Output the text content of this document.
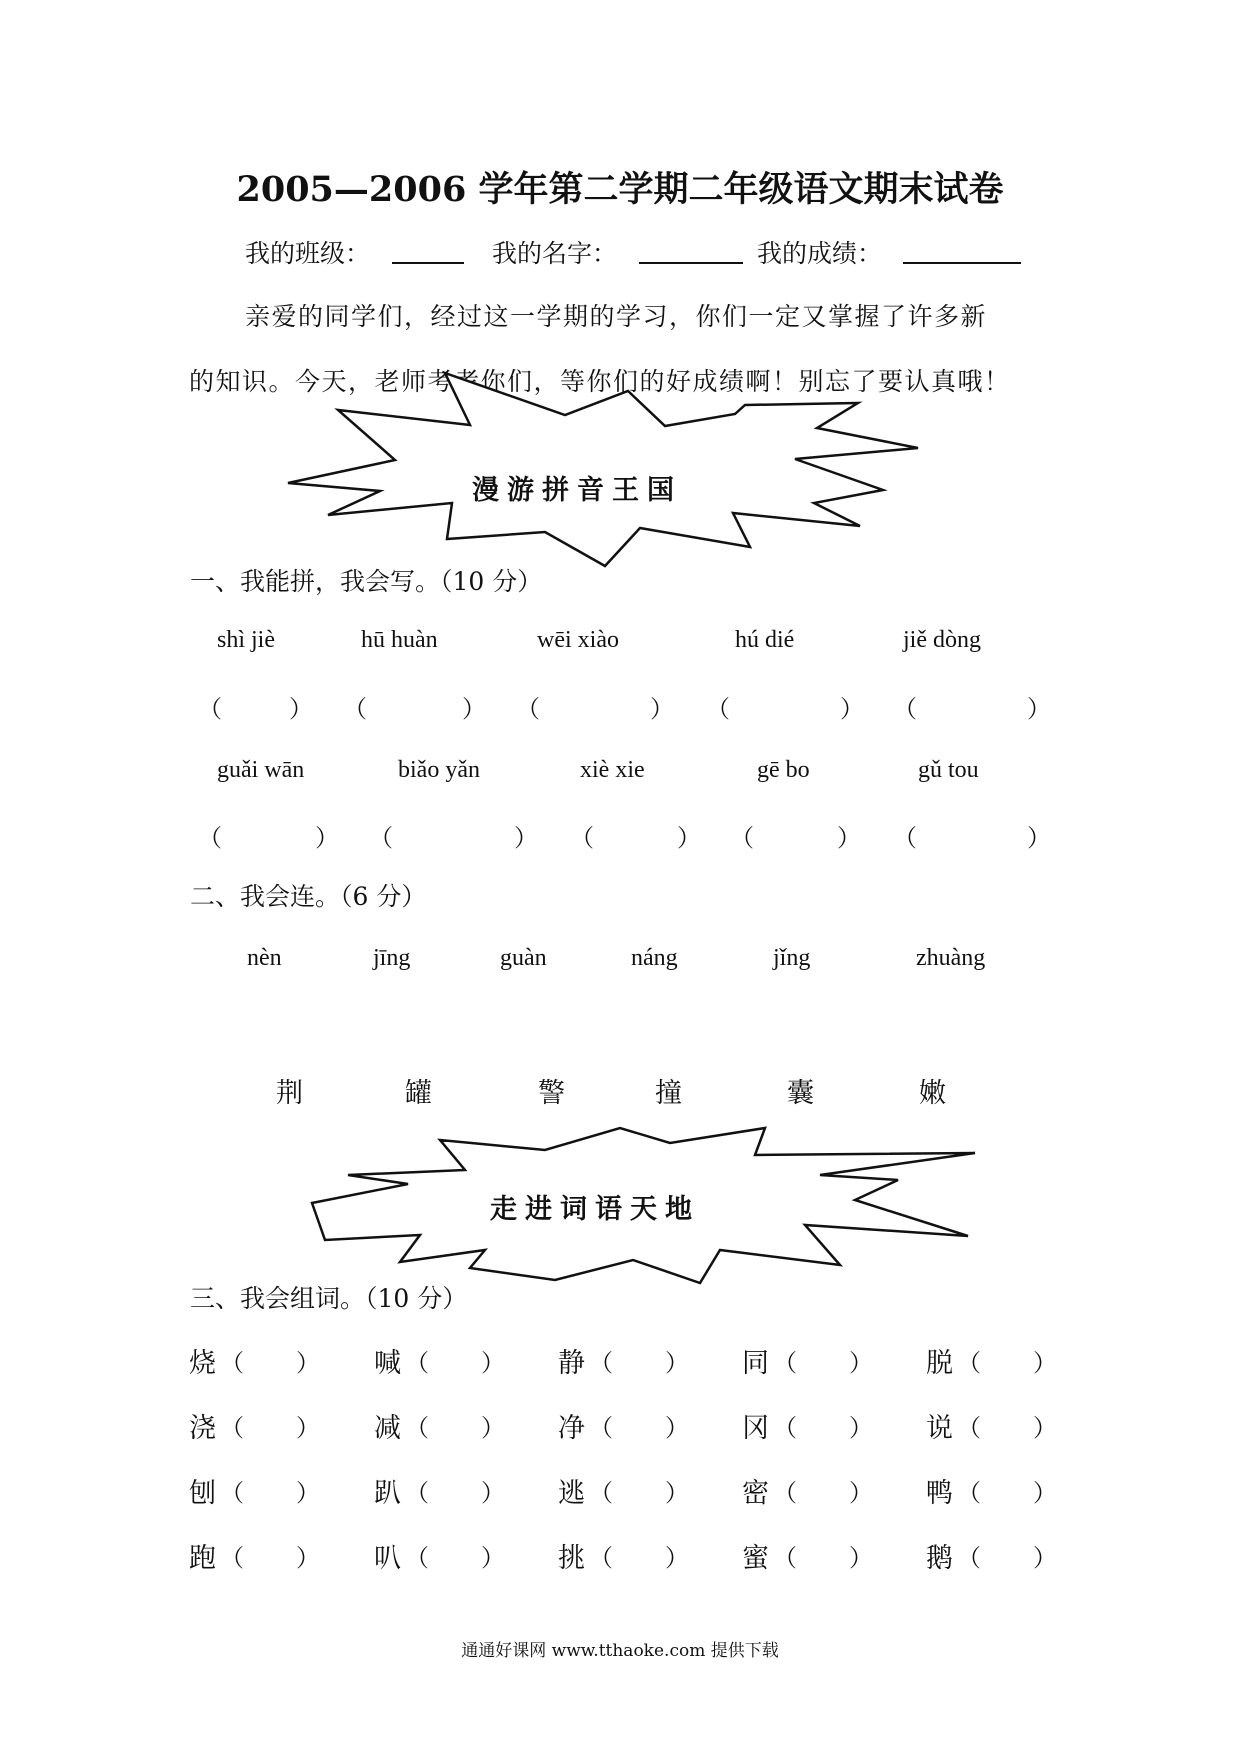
2005—2006 学年第二学期二年级语文期末试卷
我的班级：	我的名字：	我的成绩：
亲爱的同学们，经过这一学期的学习，你们一定又掌握了许多新
的知识。今天，老师考考你们，等你们的好成绩啊！别忘了要认真哦！
漫游拼音王国
走进词语天地
一、我能拼，我会写。（10 分）
shì jiè	hū huàn	wēi xiào	hú dié	jiě dòng
（	） （	） （	） （	） （	）
guǎi wān	biǎo yǎn	xiè xie	gē bo	gǔ tou
（	） （	） （	） （	） （	）
二、我会连。（6 分）
nèn	jīng	guàn	náng	jǐng	zhuàng
荆	罐	警	撞	囊	嫩
三、我会组词。（10 分）
烧 （ ） 喊 （ ） 静 （ ） 同 （ ） 脱 （ ）
浇 （ ） 减 （ ） 净 （ ） 冈 （ ） 说 （ ）
刨 （ ） 趴 （ ） 逃 （ ） 密 （ ） 鸭 （ ）
跑 （ ） 叭 （ ） 挑 （ ） 蜜 （ ） 鹅 （ ）
通通好课网 www.tthaoke.com 提供下载
